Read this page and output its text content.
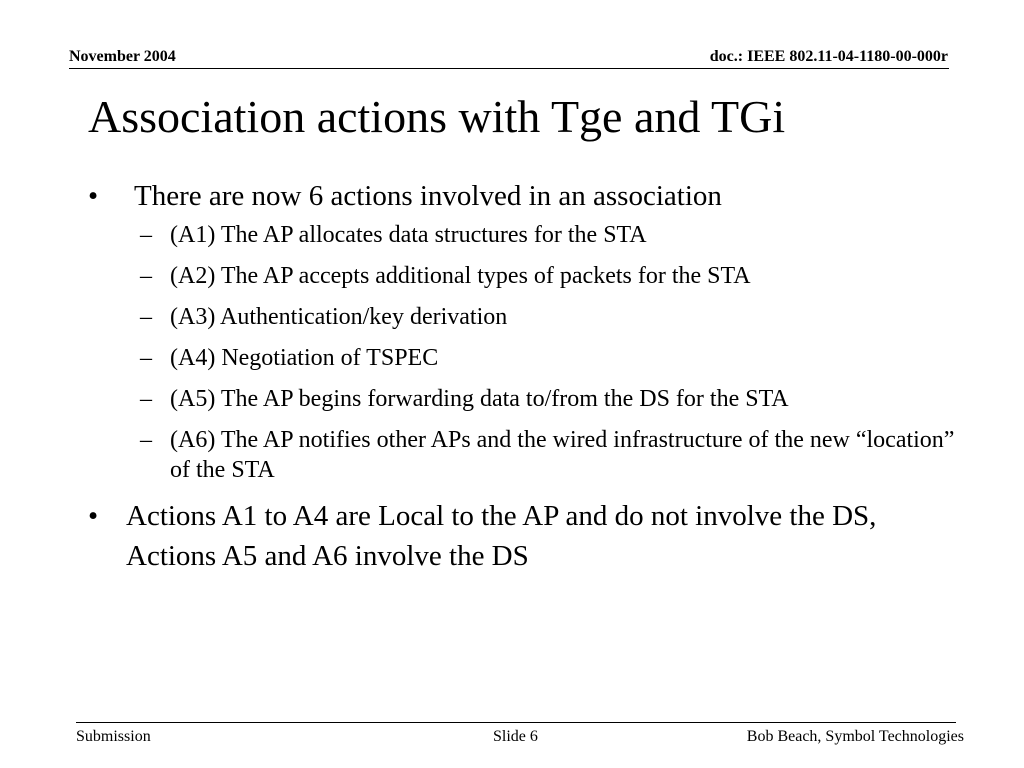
November 2004	doc.: IEEE 802.11-04-1180-00-000r
Association actions with Tge and TGi
• There are now 6 actions involved in an association
– (A1) The AP allocates data structures for the STA
– (A2) The AP accepts additional types of packets for the STA
– (A3) Authentication/key derivation
– (A4) Negotiation of TSPEC
– (A5) The AP begins forwarding data to/from the DS for the STA
– (A6) The AP notifies other APs and the wired infrastructure of the new “location” of the STA
• Actions A1 to A4 are Local to the AP and do not involve the DS, Actions A5 and A6 involve the DS
Submission	Slide 6	Bob Beach, Symbol Technologies
